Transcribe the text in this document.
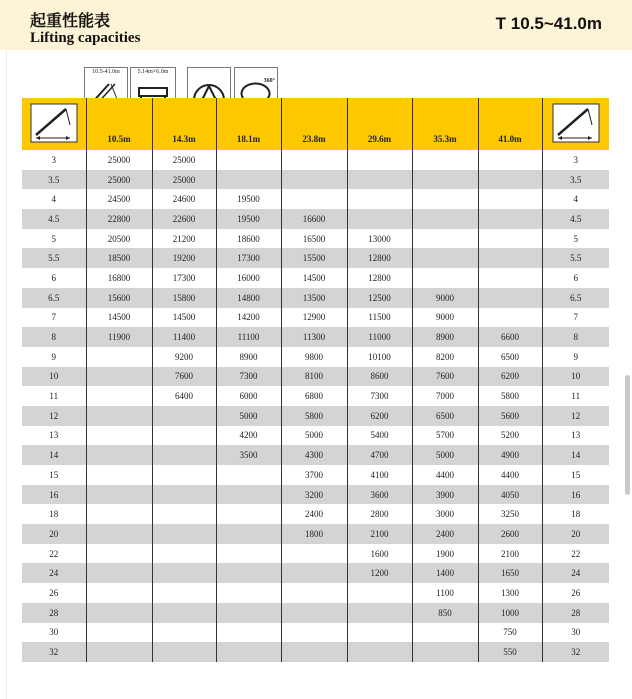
起重性能表
Lifting capacities
T 10.5~41.0m
10.5-41.0m	5.14m×6.0m
360°
	10.5m	14.3m	18.1m	23.8m	29.6m	35.3m	41.0m	
3	25000	25000						3
3.5	25000	25000						3.5
4	24500	24600	19500					4
4.5	22800	22600	19500	16600				4.5
5	20500	21200	18600	16500	13000			5
5.5	18500	19200	17300	15500	12800			5.5
6	16800	17300	16000	14500	12800			6
6.5	15600	15800	14800	13500	12500	9000		6.5
7	14500	14500	14200	12900	11500	9000		7
8	11900	11400	11100	11300	11000	8900	6600	8
9		9200	8900	9800	10100	8200	6500	9
10		7600	7300	8100	8600	7600	6200	10
11		6400	6000	6800	7300	7000	5800	11
12			5000	5800	6200	6500	5600	12
13			4200	5000	5400	5700	5200	13
14			3500	4300	4700	5000	4900	14
15				3700	4100	4400	4400	15
16				3200	3600	3900	4050	16
18				2400	2800	3000	3250	18
20				1800	2100	2400	2600	20
22					1600	1900	2100	22
24					1200	1400	1650	24
26						1100	1300	26
28						850	1000	28
30							750	30
32							550	32
